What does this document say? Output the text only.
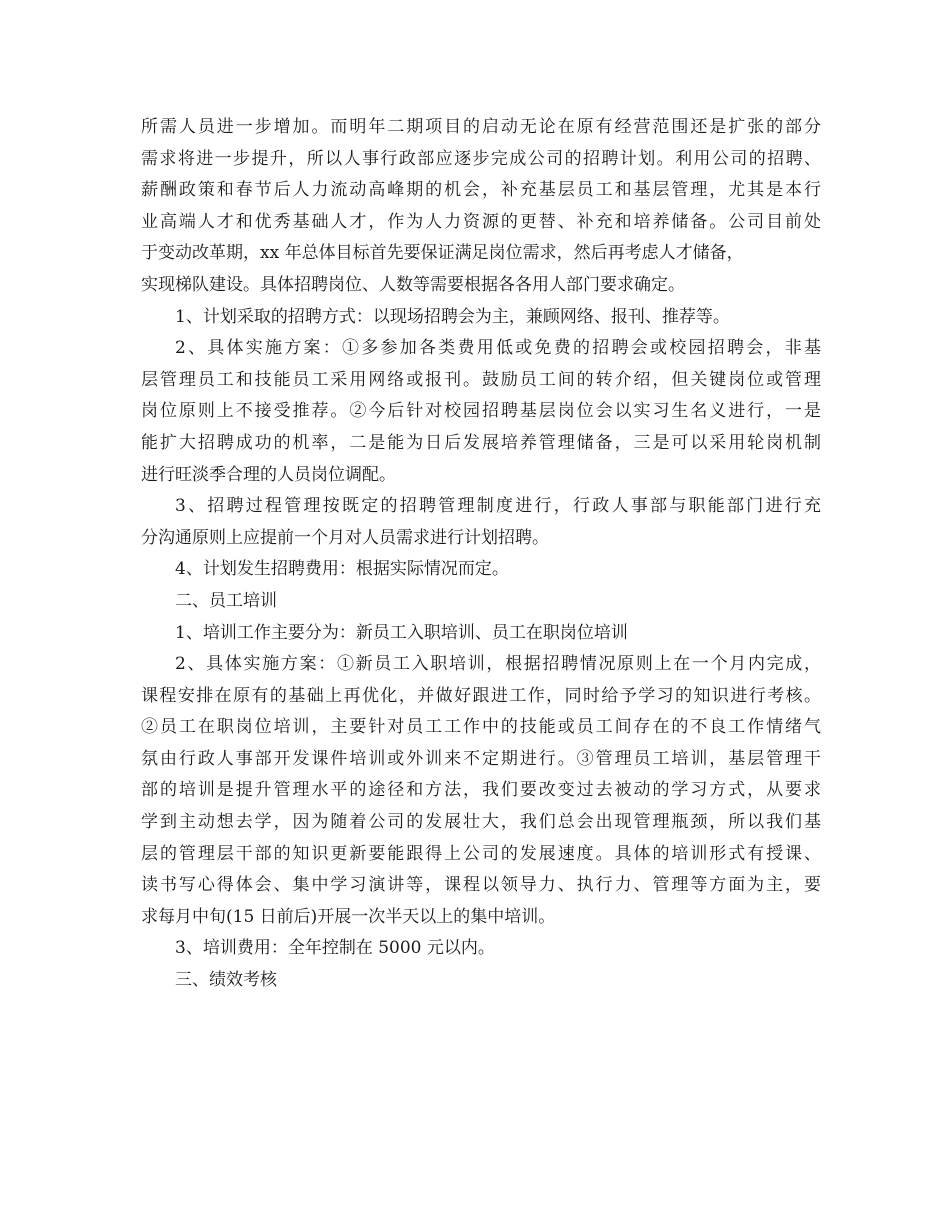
所需人员进一步增加。而明年二期项目的启动无论在原有经营范围还是扩张的部分
需求将进一步提升，所以人事行政部应逐步完成公司的招聘计划。利用公司的招聘、
薪酬政策和春节后人力流动高峰期的机会，补充基层员工和基层管理，尤其是本行
业高端人才和优秀基础人才，作为人力资源的更替、补充和培养储备。公司目前处
于变动改革期，xx 年总体目标首先要保证满足岗位需求，然后再考虑人才储备，
实现梯队建设。具体招聘岗位、人数等需要根据各各用人部门要求确定。
1、计划采取的招聘方式：以现场招聘会为主，兼顾网络、报刊、推荐等。
2、具体实施方案：①多参加各类费用低或免费的招聘会或校园招聘会，非基
层管理员工和技能员工采用网络或报刊。鼓励员工间的转介绍，但关键岗位或管理
岗位原则上不接受推荐。②今后针对校园招聘基层岗位会以实习生名义进行，一是
能扩大招聘成功的机率，二是能为日后发展培养管理储备，三是可以采用轮岗机制
进行旺淡季合理的人员岗位调配。
3、招聘过程管理按既定的招聘管理制度进行，行政人事部与职能部门进行充
分沟通原则上应提前一个月对人员需求进行计划招聘。
4、计划发生招聘费用：根据实际情况而定。
二、员工培训
1、培训工作主要分为：新员工入职培训、员工在职岗位培训
2、具体实施方案：①新员工入职培训，根据招聘情况原则上在一个月内完成，
课程安排在原有的基础上再优化，并做好跟进工作，同时给予学习的知识进行考核。
②员工在职岗位培训，主要针对员工工作中的技能或员工间存在的不良工作情绪气
氛由行政人事部开发课件培训或外训来不定期进行。③管理员工培训，基层管理干
部的培训是提升管理水平的途径和方法，我们要改变过去被动的学习方式，从要求
学到主动想去学，因为随着公司的发展壮大，我们总会出现管理瓶颈，所以我们基
层的管理层干部的知识更新要能跟得上公司的发展速度。具体的培训形式有授课、
读书写心得体会、集中学习演讲等，课程以领导力、执行力、管理等方面为主，要
求每月中旬(15 日前后)开展一次半天以上的集中培训。
3、培训费用：全年控制在 5000 元以内。
三、绩效考核
